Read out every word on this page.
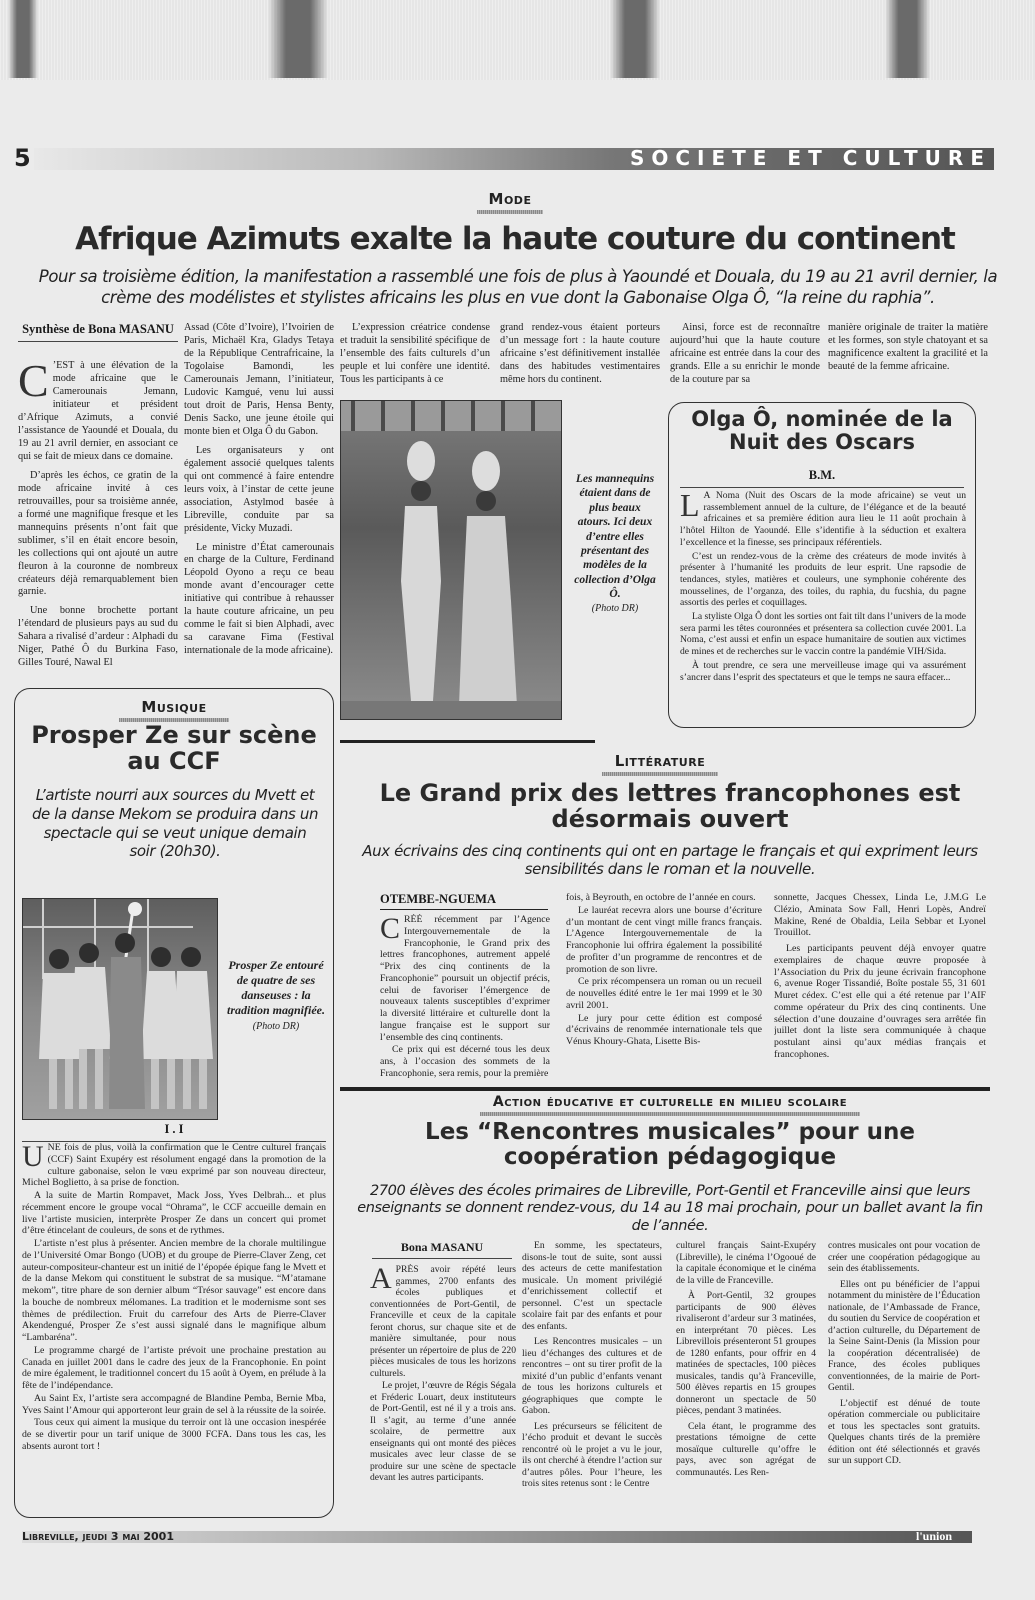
5	SOCIETE ET CULTURE
Mode
Afrique Azimuts exalte la haute couture du continent
Pour sa troisième édition, la manifestation a rassemblé une fois de plus à Yaoundé et Douala, du 19 au 21 avril dernier, la crème des modélistes et stylistes africains les plus en vue dont la Gabonaise Olga Ô, “la reine du raphia”.
Synthèse de Bona MASANU

C ’EST à une élévation de la mode africaine que le Camerounais Jemann, initiateur et président d’Afrique Azimuts, a convié l’assistance de Yaoundé et Douala, du 19 au 21 avril dernier, en associant ce qui se fait de mieux dans ce domaine.

D’après les échos, ce gratin de la mode africaine invité à ces retrouvailles, pour sa troisième année, a formé une magnifique fresque et les mannequins présents n’ont fait que sublimer, s’il en était encore besoin, les collections qui ont ajouté un autre fleuron à la couronne de nombreux créateurs déjà remarquablement bien garnie.

Une bonne brochette portant l’étendard de plusieurs pays au sud du Sahara a rivalisé d’ardeur : Alphadi du Niger, Pathé Ô du Burkina Faso, Gilles Touré, Nawal El

Assad (Côte d’Ivoire), l’Ivoirien de Paris, Michaël Kra, Gladys Tetaya de la République Centrafricaine, la Togolaise Bamondi, les Camerounais Jemann, l’initiateur, Ludovic Kamgué, venu lui aussi tout droit de Paris, Hensa Benty, Denis Sacko, une jeune étoile qui monte bien et Olga Ô du Gabon.

Les organisateurs y ont également associé quelques talents qui ont commencé à faire entendre leurs voix, à l’instar de cette jeune association, Astylmod basée à Libreville, conduite par sa présidente, Vicky Muzadi.

Le ministre d’État camerounais en charge de la Culture, Ferdinand Léopold Oyono a reçu ce beau monde avant d’encourager cette initiative qui contribue à rehausser la haute couture africaine, un peu comme le fait si bien Alphadi, avec sa caravane Fima (Festival internationale de la mode africaine).

L’expression créatrice condense et traduit la sensibilité spécifique de l’ensemble des faits culturels d’un peuple et lui confère une identité. Tous les participants à ce

grand rendez-vous étaient porteurs d’un message fort : la haute couture africaine s’est définitivement installée dans des habitudes vestimentaires même hors du continent.

Ainsi, force est de reconnaître aujourd’hui que la haute couture africaine est entrée dans la cour des grands. Elle a su enrichir le monde de la couture par sa

manière originale de traiter la matière et les formes, son style chatoyant et sa magnificence exaltent la gracilité et la beauté de la femme africaine.

Les mannequins étaient dans de plus beaux atours. Ici deux d’entre elles présentant des modèles de la collection d’Olga Ô.
(Photo DR)
Olga Ô, nominée de la Nuit des Oscars
B.M.

L A Noma (Nuit des Oscars de la mode africaine) se veut un rassemblement annuel de la culture, de l’élégance et de la beauté africaines et sa première édition aura lieu le 11 août prochain à l’hôtel Hilton de Yaoundé. Elle s’identifie à la séduction et exaltera l’excellence et la finesse, ses principaux référentiels.

C’est un rendez-vous de la crème des créateurs de mode invités à présenter à l’humanité les produits de leur esprit. Une rapsodie de tendances, styles, matières et couleurs, une symphonie cohérente des mousselines, de l’organza, des toiles, du raphia, du fucshia, du pagne assortis des perles et coquillages.

La styliste Olga Ô dont les sorties ont fait tilt dans l’univers de la mode sera parmi les têtes couronnées et présentera sa collection cuvée 2001. La Noma, c’est aussi et enfin un espace humanitaire de soutien aux victimes de mines et de recherches sur le vaccin contre la pandémie VIH/Sida.

À tout prendre, ce sera une merveilleuse image qui va assurément s’ancrer dans l’esprit des spectateurs et que le temps ne saura effacer...

Musique
Prosper Ze sur scène au CCF
L’artiste nourri aux sources du Mvett et de la danse Mekom se produira dans un spectacle qui se veut unique demain soir (20h30).
Prosper Ze entouré de quatre de ses danseuses : la tradition magnifiée.
(Photo DR)
I . I

UNE fois de plus, voilà la confirmation que le Centre culturel français (CCF) Saint Exupéry est résolument engagé dans la promotion de la culture gabonaise, selon le vœu exprimé par son nouveau directeur, Michel Boglietto, à sa prise de fonction.

A la suite de Martin Rompavet, Mack Joss, Yves Delbrah... et plus récemment encore le groupe vocal “Ohrama”, le CCF accueille demain en live l’artiste musicien, interprète Prosper Ze dans un concert qui promet d’être étincelant de couleurs, de sons et de rythmes.

L’artiste n’est plus à présenter. Ancien membre de la chorale multilingue de l’Université Omar Bongo (UOB) et du groupe de Pierre-Claver Zeng, cet auteur-compositeur-chanteur est un initié de l’épopée épique fang le Mvett et de la danse Mekom qui constituent le substrat de sa musique. “M’atamane mekom”, titre phare de son dernier album “Trésor sauvage” est encore dans la bouche de nombreux mélomanes. La tradition et le modernisme sont ses thèmes de prédilection. Fruit du carrefour des Arts de Pierre-Claver Akendengué, Prosper Ze s’est aussi signalé dans le magnifique album “Lambaréna”.

Le programme chargé de l’artiste prévoit une prochaine prestation au Canada en juillet 2001 dans le cadre des jeux de la Francophonie. En point de mire également, le traditionnel concert du 15 août à Oyem, en prélude à la fête de l’indépendance.

Au Saint Ex, l’artiste sera accompagné de Blandine Pemba, Bernie Mba, Yves Saint l’Amour qui apporteront leur grain de sel à la réussite de la soirée.

Tous ceux qui aiment la musique du terroir ont là une occasion inespérée de se divertir pour un tarif unique de 3000 FCFA. Dans tous les cas, les absents auront tort !

Littérature
Le Grand prix des lettres francophones est désormais ouvert
Aux écrivains des cinq continents qui ont en partage le français et qui expriment leurs sensibilités dans le roman et la nouvelle.
OTEMBE-NGUEMA

CRÉÉ récemment par l’Agence Intergouvernementale de la Francophonie, le Grand prix des lettres francophones, autrement appelé “Prix des cinq continents de la Francophonie” poursuit un objectif précis, celui de favoriser l’émergence de nouveaux talents susceptibles d’exprimer la diversité littéraire et culturelle dont la langue française est le support sur l’ensemble des cinq continents.

Ce prix qui est décerné tous les deux ans, à l’occasion des sommets de la Francophonie, sera remis, pour la première

fois, à Beyrouth, en octobre de l’année en cours.

Le lauréat recevra alors une bourse d’écriture d’un montant de cent vingt mille francs français. L’Agence Intergouvernementale de la Francophonie lui offrira également la possibilité de profiter d’un programme de rencontres et de promotion de son livre.

Ce prix récompensera un roman ou un recueil de nouvelles édité entre le 1er mai 1999 et le 30 avril 2001.

Le jury pour cette édition est composé d’écrivains de renommée internationale tels que Vénus Khoury-Ghata, Lisette Bis-

sonnette, Jacques Chessex, Linda Le, J.M.G Le Clézio, Aminata Sow Fall, Henri Lopès, Andreï Makine, René de Obaldia, Leila Sebbar et Lyonel Trouillot.

Les participants peuvent déjà envoyer quatre exemplaires de chaque œuvre proposée à l’Association du Prix du jeune écrivain francophone 6, avenue Roger Tissandié, Boîte postale 55, 31 601 Muret cédex. C’est elle qui a été retenue par l’AIF comme opérateur du Prix des cinq continents. Une sélection d’une douzaine d’ouvrages sera arrêtée fin juillet dont la liste sera communiquée à chaque postulant ainsi qu’aux médias français et francophones.

Action éducative et culturelle en milieu scolaire
Les “Rencontres musicales” pour une coopération pédagogique
2700 élèves des écoles primaires de Libreville, Port-Gentil et Franceville ainsi que leurs enseignants se donnent rendez-vous, du 14 au 18 mai prochain, pour un ballet avant la fin de l’année.
Bona MASANU

APRÈS avoir répété leurs gammes, 2700 enfants des écoles publiques et conventionnées de Port-Gentil, de Franceville et ceux de la capitale feront chorus, sur chaque site et de manière simultanée, pour nous présenter un répertoire de plus de 220 pièces musicales de tous les horizons culturels.

Le projet, l’œuvre de Régis Ségala et Fréderic Louart, deux instituteurs de Port-Gentil, est né il y a trois ans. Il s’agit, au terme d’une année scolaire, de permettre aux enseignants qui ont monté des pièces musicales avec leur classe de se produire sur une scène de spectacle devant les autres participants.

En somme, les spectateurs, disons-le tout de suite, sont aussi des acteurs de cette manifestation musicale. Un moment privilégié d’enrichissement collectif et personnel. C’est un spectacle scolaire fait par des enfants et pour des enfants.

Les Rencontres musicales – un lieu d’échanges des cultures et de rencontres – ont su tirer profit de la mixité d’un public d’enfants venant de tous les horizons culturels et géographiques que compte le Gabon.

Les précurseurs se félicitent de l’écho produit et devant le succès rencontré où le projet a vu le jour, ils ont cherché à étendre l’action sur d’autres pôles. Pour l’heure, les trois sites retenus sont : le Centre

culturel français Saint-Exupéry (Libreville), le cinéma l’Ogooué de la capitale économique et le cinéma de la ville de Franceville.

À Port-Gentil, 32 groupes participants de 900 élèves rivaliseront d’ardeur sur 3 matinées, en interprétant 70 pièces. Les Librevillois présenteront 51 groupes de 1280 enfants, pour offrir en 4 matinées de spectacles, 100 pièces musicales, tandis qu’à Franceville, 500 élèves repartis en 15 groupes donneront un spectacle de 50 pièces, pendant 3 matinées.

Cela étant, le programme des prestations témoigne de cette mosaïque culturelle qu’offre le pays, avec son agrégat de communautés. Les Ren-

contres musicales ont pour vocation de créer une coopération pédagogique au sein des établissements.

Elles ont pu bénéficier de l’appui notamment du ministère de l’Éducation nationale, de l’Ambassade de France, du soutien du Service de coopération et d’action culturelle, du Département de la Seine Saint-Denis (la Mission pour la coopération décentralisée) de France, des écoles publiques conventionnées, de la mairie de Port-Gentil.

L’objectif est dénué de toute opération commerciale ou publicitaire et tous les spectacles sont gratuits. Quelques chants tirés de la première édition ont été sélectionnés et gravés sur un support CD.

Libreville, jeudi 3 mai 2001	l'union
